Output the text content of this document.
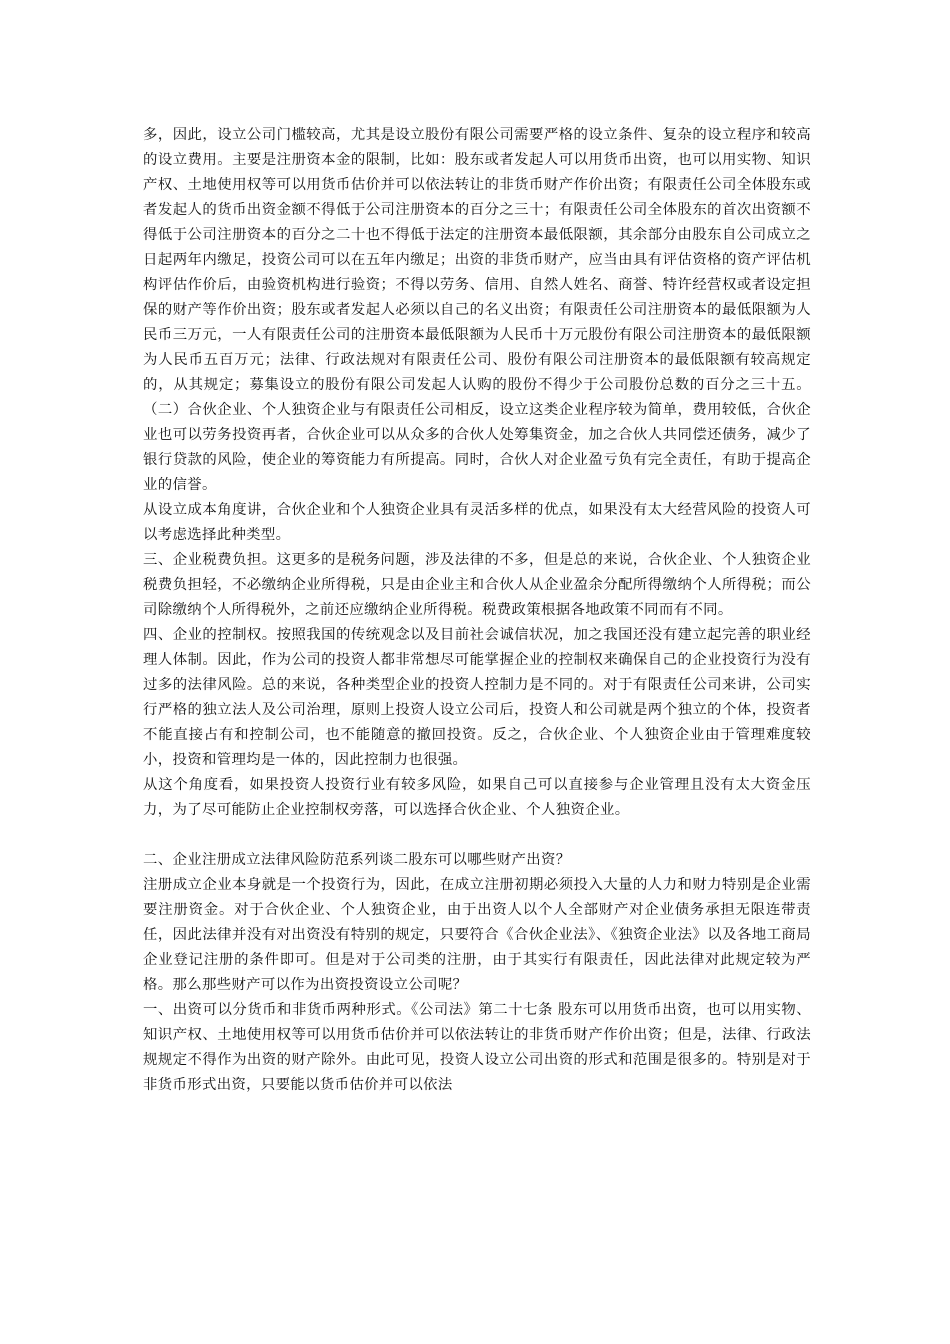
多，因此，设立公司门槛较高，尤其是设立股份有限公司需要严格的设立条件、复杂的设立程序和较高的设立费用。主要是注册资本金的限制，比如：股东或者发起人可以用货币出资，也可以用实物、知识产权、土地使用权等可以用货币估价并可以依法转让的非货币财产作价出资；有限责任公司全体股东或者发起人的货币出资金额不得低于公司注册资本的百分之三十；有限责任公司全体股东的首次出资额不得低于公司注册资本的百分之二十也不得低于法定的注册资本最低限额，其余部分由股东自公司成立之日起两年内缴足，投资公司可以在五年内缴足；出资的非货币财产，应当由具有评估资格的资产评估机构评估作价后，由验资机构进行验资；不得以劳务、信用、自然人姓名、商誉、特许经营权或者设定担保的财产等作价出资；股东或者发起人必须以自己的名义出资；有限责任公司注册资本的最低限额为人民币三万元，一人有限责任公司的注册资本最低限额为人民币十万元股份有限公司注册资本的最低限额为人民币五百万元；法律、行政法规对有限责任公司、股份有限公司注册资本的最低限额有较高规定的，从其规定；募集设立的股份有限公司发起人认购的股份不得少于公司股份总数的百分之三十五。（二）合伙企业、个人独资企业与有限责任公司相反，设立这类企业程序较为简单，费用较低，合伙企业也可以劳务投资再者，合伙企业可以从众多的合伙人处筹集资金，加之合伙人共同偿还债务，减少了银行贷款的风险，使企业的筹资能力有所提高。同时，合伙人对企业盈亏负有完全责任，有助于提高企业的信誉。

从设立成本角度讲，合伙企业和个人独资企业具有灵活多样的优点，如果没有太大经营风险的投资人可以考虑选择此种类型。

三、企业税费负担。这更多的是税务问题，涉及法律的不多，但是总的来说，合伙企业、个人独资企业税费负担轻，不必缴纳企业所得税，只是由企业主和合伙人从企业盈余分配所得缴纳个人所得税；而公司除缴纳个人所得税外，之前还应缴纳企业所得税。税费政策根据各地政策不同而有不同。

四、企业的控制权。按照我国的传统观念以及目前社会诚信状况，加之我国还没有建立起完善的职业经理人体制。因此，作为公司的投资人都非常想尽可能掌握企业的控制权来确保自己的企业投资行为没有过多的法律风险。总的来说，各种类型企业的投资人控制力是不同的。对于有限责任公司来讲，公司实行严格的独立法人及公司治理，原则上投资人设立公司后，投资人和公司就是两个独立的个体，投资者不能直接占有和控制公司，也不能随意的撤回投资。反之，合伙企业、个人独资企业由于管理难度较小，投资和管理均是一体的，因此控制力也很强。

从这个角度看，如果投资人投资行业有较多风险，如果自己可以直接参与企业管理且没有太大资金压力，为了尽可能防止企业控制权旁落，可以选择合伙企业、个人独资企业。

二、企业注册成立法律风险防范系列谈二股东可以哪些财产出资？

注册成立企业本身就是一个投资行为，因此，在成立注册初期必须投入大量的人力和财力特别是企业需要注册资金。对于合伙企业、个人独资企业，由于出资人以个人全部财产对企业债务承担无限连带责任，因此法律并没有对出资没有特别的规定，只要符合《合伙企业法》、《独资企业法》以及各地工商局企业登记注册的条件即可。但是对于公司类的注册，由于其实行有限责任，因此法律对此规定较为严格。那么那些财产可以作为出资投资设立公司呢？

一、出资可以分货币和非货币两种形式。《公司法》第二十七条 股东可以用货币出资，也可以用实物、知识产权、土地使用权等可以用货币估价并可以依法转让的非货币财产作价出资；但是，法律、行政法规规定不得作为出资的财产除外。由此可见，投资人设立公司出资的形式和范围是很多的。特别是对于非货币形式出资，只要能以货币估价并可以依法
